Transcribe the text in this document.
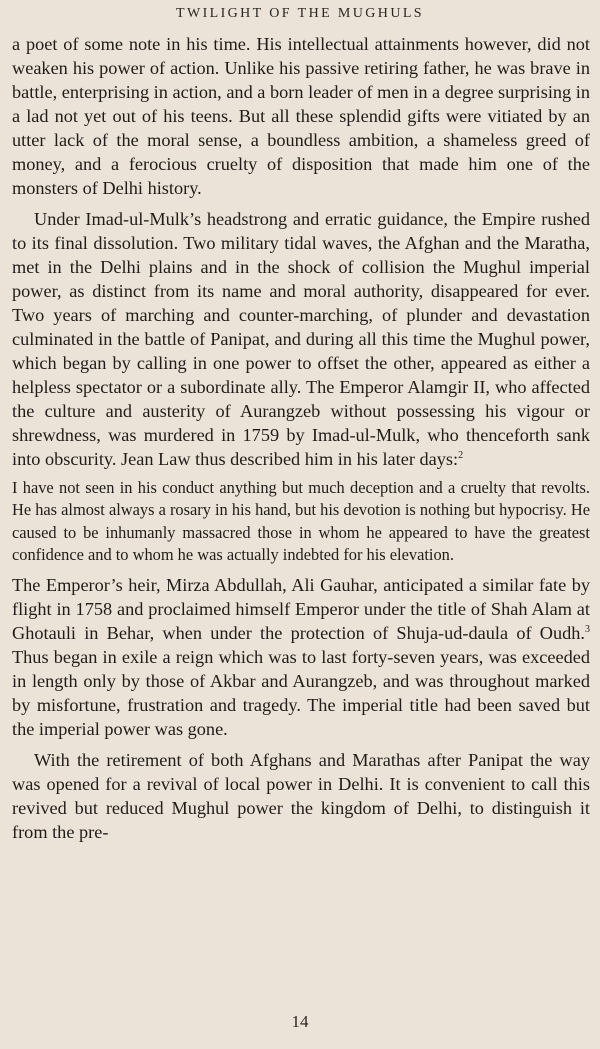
TWILIGHT OF THE MUGHULS

a poet of some note in his time. His intellectual attainments however, did not weaken his power of action. Unlike his passive retiring father, he was brave in battle, enterprising in action, and a born leader of men in a degree surprising in a lad not yet out of his teens. But all these splendid gifts were vitiated by an utter lack of the moral sense, a boundless ambition, a shameless greed of money, and a ferocious cruelty of disposition that made him one of the monsters of Delhi history.

Under Imad-ul-Mulk’s headstrong and erratic guidance, the Empire rushed to its final dissolution. Two military tidal waves, the Afghan and the Maratha, met in the Delhi plains and in the shock of collision the Mughul imperial power, as distinct from its name and moral authority, disappeared for ever. Two years of marching and counter-marching, of plunder and devastation culminated in the battle of Panipat, and during all this time the Mughul power, which began by calling in one power to offset the other, appeared as either a helpless spectator or a subordinate ally. The Emperor Alamgir II, who affected the culture and austerity of Aurangzeb without possessing his vigour or shrewdness, was murdered in 1759 by Imad-ul-Mulk, who thenceforth sank into obscurity. Jean Law thus described him in his later days:$^2$

I have not seen in his conduct anything but much deception and a cruelty that revolts. He has almost always a rosary in his hand, but his devotion is nothing but hypocrisy. He caused to be inhumanly massacred those in whom he appeared to have the greatest confidence and to whom he was actually indebted for his elevation.

The Emperor’s heir, Mirza Abdullah, Ali Gauhar, anticipated a similar fate by flight in 1758 and proclaimed himself Emperor under the title of Shah Alam at Ghotauli in Behar, when under the protection of Shuja-ud-daula of Oudh.$^3$ Thus began in exile a reign which was to last forty-seven years, was exceeded in length only by those of Akbar and Aurangzeb, and was throughout marked by misfortune, frustration and tragedy. The imperial title had been saved but the imperial power was gone.

With the retirement of both Afghans and Marathas after Panipat the way was opened for a revival of local power in Delhi. It is convenient to call this revived but reduced Mughul power the kingdom of Delhi, to distinguish it from the pre-

14
